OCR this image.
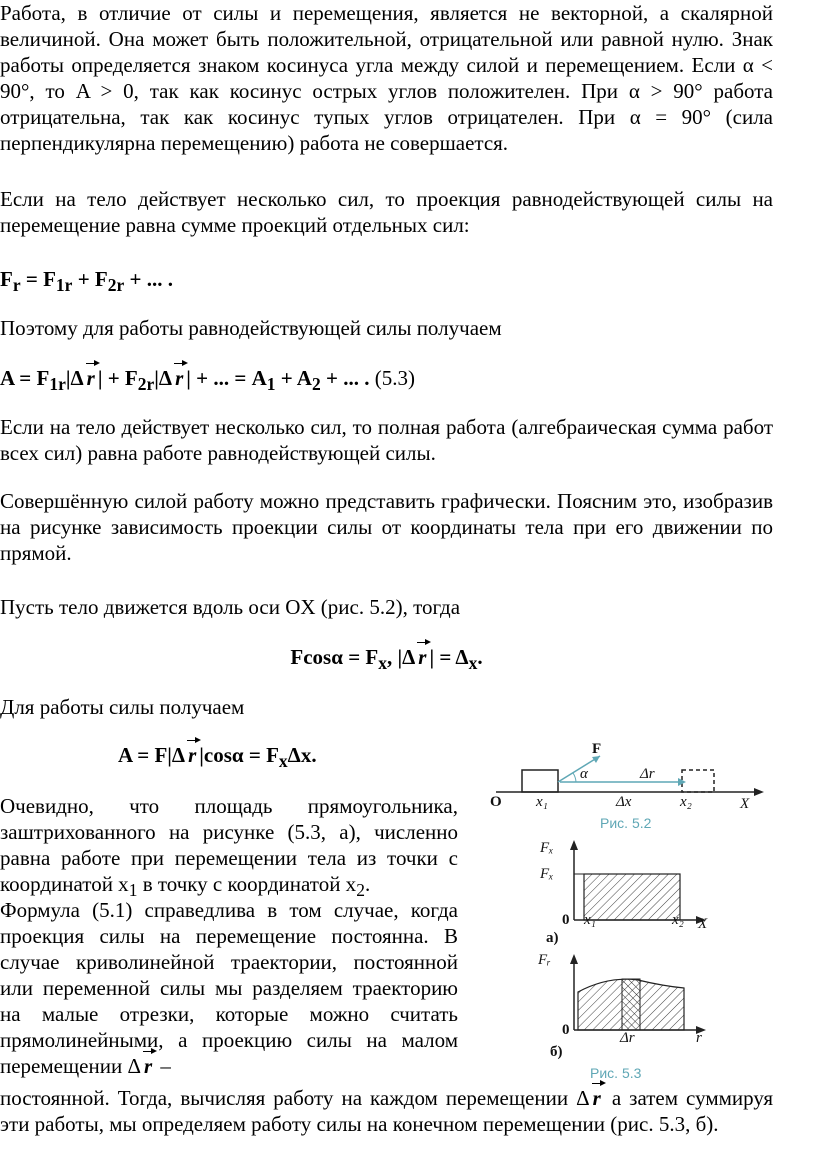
Работа, в отличие от силы и перемещения, является не векторной, а скалярной величиной. Она может быть положительной, отрицательной или равной нулю. Знак работы определяется знаком косинуса угла между силой и перемещением. Если α < 90°, то A > 0, так как косинус острых углов положителен. При α > 90° работа отрицательна, так как косинус тупых углов отрицателен. При α = 90° (сила перпендикулярна перемещению) работа не совершается.

Если на тело действует несколько сил, то проекция равнодействующей силы на перемещение равна сумме проекций отдельных сил:

$F_r = F_{1r} + F_{2r}$ + ... .

Поэтому для работы равнодействующей силы получаем

$A = F_{1r}|\Delta$ r | + $F_{2r}|\Delta$ r | + ... = $A_1 + A_2$ + ... . (5.3)

Если на тело действует несколько сил, то полная работа (алгебраическая сумма работ всех сил) равна работе равнодействующей силы.

Совершённую силой работу можно представить графически. Поясним это, изобразив на рисунке зависимость проекции силы от координаты тела при его движении по прямой.

Пусть тело движется вдоль оси OX (рис. 5.2), тогда

$Fcos\alpha = F_x$, |Δ r | = $\Delta_x$.

Для работы силы получаем

A = F|Δ r $|\cos\alpha = F_x\Delta x$.

Очевидно, что площадь прямоугольника, заштрихованного на рисунке (5.3, а), численно равна работе при перемещении тела из точки с координатой $x_1$ в точку с координатой $x_2$.

Формула (5.1) справедлива в том случае, когда проекция силы на перемещение постоянна. В случае криволинейной траектории, постоянной или переменной силы мы разделяем траекторию на малые отрезки, которые можно считать прямолинейными, а проекцию силы на малом перемещении Δ r –

постоянной. Тогда, вычисляя работу на каждом перемещении Δ r а затем суммируя эти работы, мы определяем работу силы на конечном перемещении (рис. 5.3, б).

F
α	Δr
O x₁	Δx	x₂	X
Рис. 5.2
Fₓ
Fₓ
0 x₁	x₂ X
а)
Fᵣ
0	Δr	r
б)
Рис. 5.3
